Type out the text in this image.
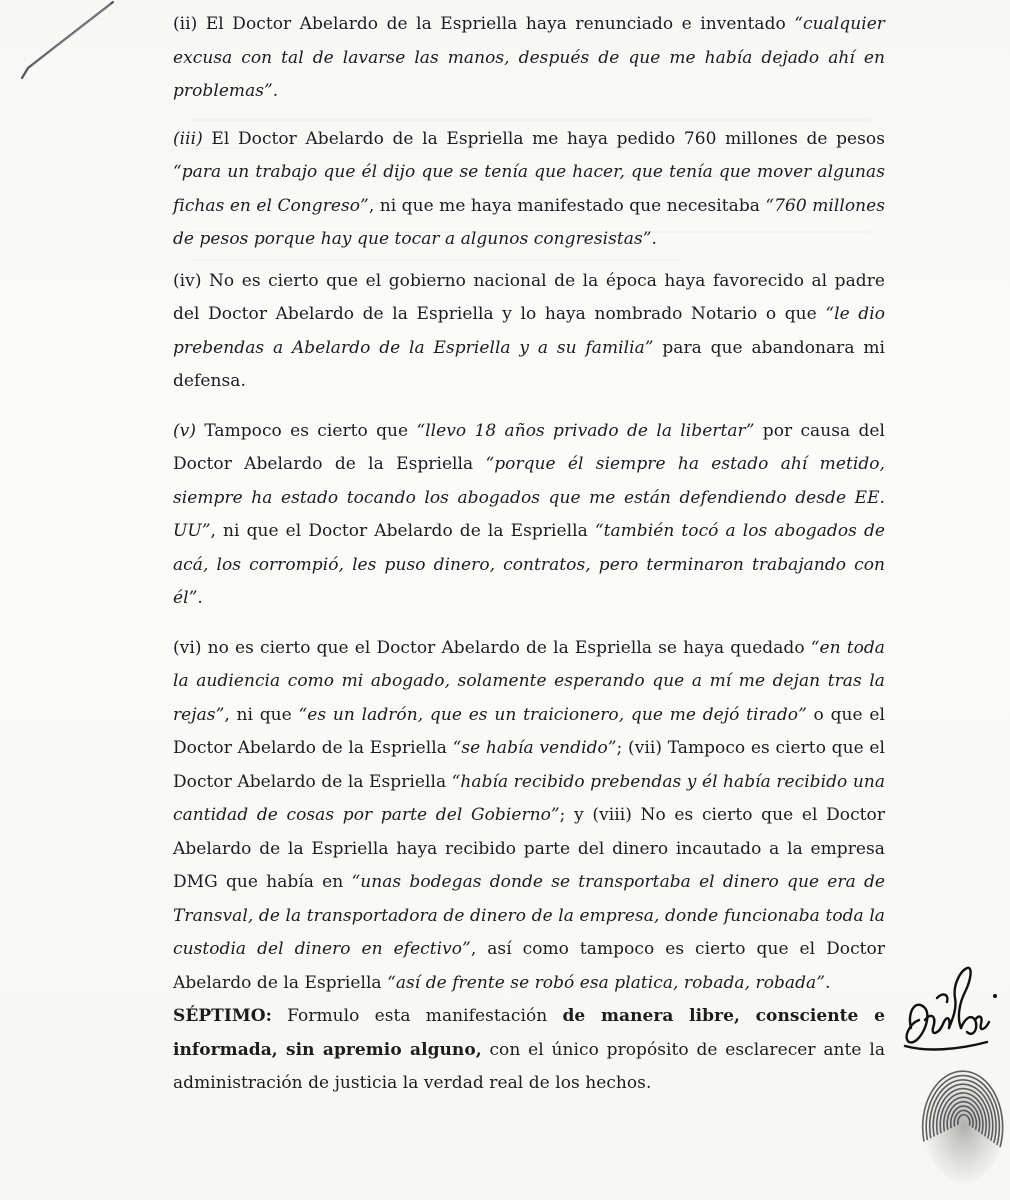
(ii) El Doctor Abelardo de la Espriella haya renunciado e inventado “cualquier excusa con tal de lavarse las manos, después de que me había dejado ahí en problemas”.

(iii) El Doctor Abelardo de la Espriella me haya pedido 760 millones de pesos “para un trabajo que él dijo que se tenía que hacer, que tenía que mover algunas fichas en el Congreso”, ni que me haya manifestado que necesitaba “760 millones de pesos porque hay que tocar a algunos congresistas”.

(iv) No es cierto que el gobierno nacional de la época haya favorecido al padre del Doctor Abelardo de la Espriella y lo haya nombrado Notario o que “le dio prebendas a Abelardo de la Espriella y a su familia” para que abandonara mi defensa.

(v) Tampoco es cierto que “llevo 18 años privado de la libertar” por causa del Doctor Abelardo de la Espriella “porque él siempre ha estado ahí metido, siempre ha estado tocando los abogados que me están defendiendo desde EE. UU”, ni que el Doctor Abelardo de la Espriella “también tocó a los abogados de acá, los corrompió, les puso dinero, contratos, pero terminaron trabajando con él”.

(vi) no es cierto que el Doctor Abelardo de la Espriella se haya quedado “en toda la audiencia como mi abogado, solamente esperando que a mí me dejan tras la rejas”, ni que “es un ladrón, que es un traicionero, que me dejó tirado” o que el Doctor Abelardo de la Espriella “se había vendido”; (vii) Tampoco es cierto que el Doctor Abelardo de la Espriella “había recibido prebendas y él había recibido una cantidad de cosas por parte del Gobierno”; y (viii) No es cierto que el Doctor Abelardo de la Espriella haya recibido parte del dinero incautado a la empresa DMG que había en “unas bodegas donde se transportaba el dinero que era de Transval, de la transportadora de dinero de la empresa, donde funcionaba toda la custodia del dinero en efectivo”, así como tampoco es cierto que el Doctor Abelardo de la Espriella “así de frente se robó esa platica, robada, robada”.

SÉPTIMO: Formulo esta manifestación de manera libre, consciente e informada, sin apremio alguno, con el único propósito de esclarecer ante la administración de justicia la verdad real de los hechos.
